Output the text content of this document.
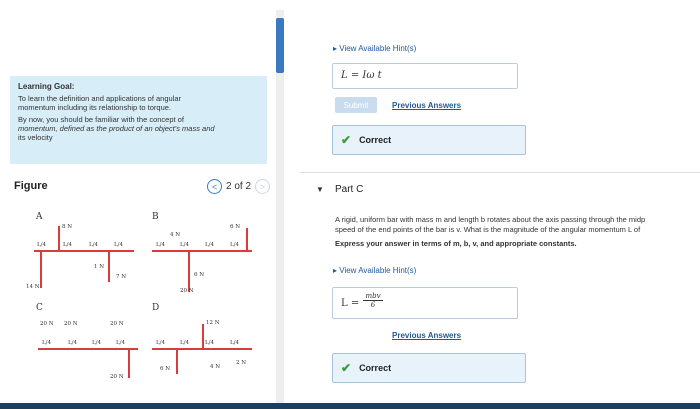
Learning Goal:

To learn the definition and applications of angular
momentum including its relationship to torque.

By now, you should be familiar with the concept of
momentum, defined as the product of an object's mass and
its velocity

Figure	< 2 of 2 >
A
L/4	L/4	L/4	L/4
8 N
1 N
7 N
14 N
B
L/4	L/4	L/4	L/4
4 N
6 N
6 N
20 N
C
L/4	L/4	L/4	L/4
20 N 20 N	20 N
20 N
D
L/4	L/4	L/4	L/4
12 N
6 N	4 N
2 N
▸ View Available Hint(s)
L = Iω t
Submit	Previous Answers
✔ Correct
▼ Part C
A rigid, uniform bar with mass m and length b rotates about the axis passing through the midp
speed of the end points of the bar is v. What is the magnitude of the angular momentum L of
Express your answer in terms of m, b, v, and appropriate constants.
▸ View Available Hint(s)
L =
mbv
6
Previous Answers
✔ Correct
